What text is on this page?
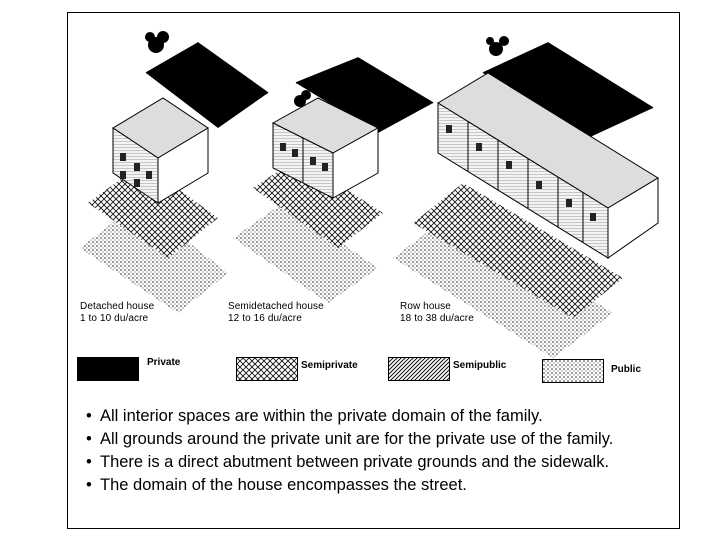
Detached house
1 to 10 du/acre
Semidetached house
12 to 16 du/acre
Row house
18 to 38 du/acre
Private	Semiprivate	Semipublic	Public
• All interior spaces are within the private domain of the family.
• All grounds around the private unit are for the private use of the family.
• There is a direct abutment between private grounds and the sidewalk.
• The domain of the house encompasses the street.
